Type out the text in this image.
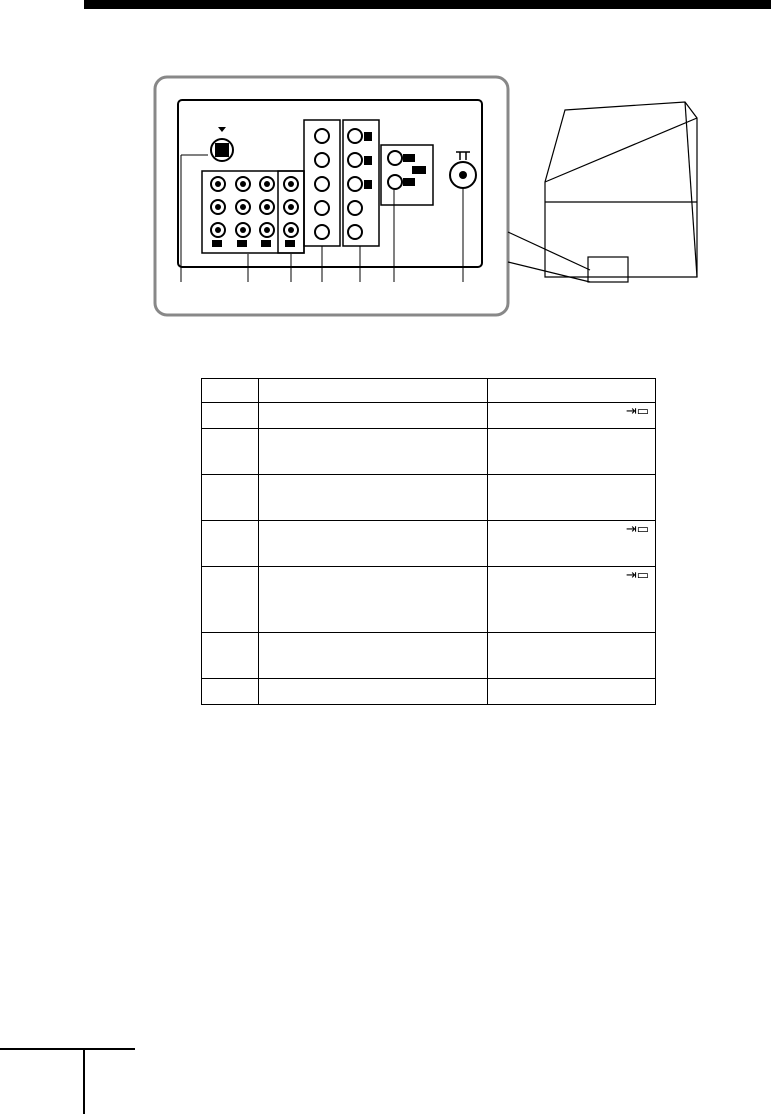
		⇥▭

		⇥▭
		⇥▭
